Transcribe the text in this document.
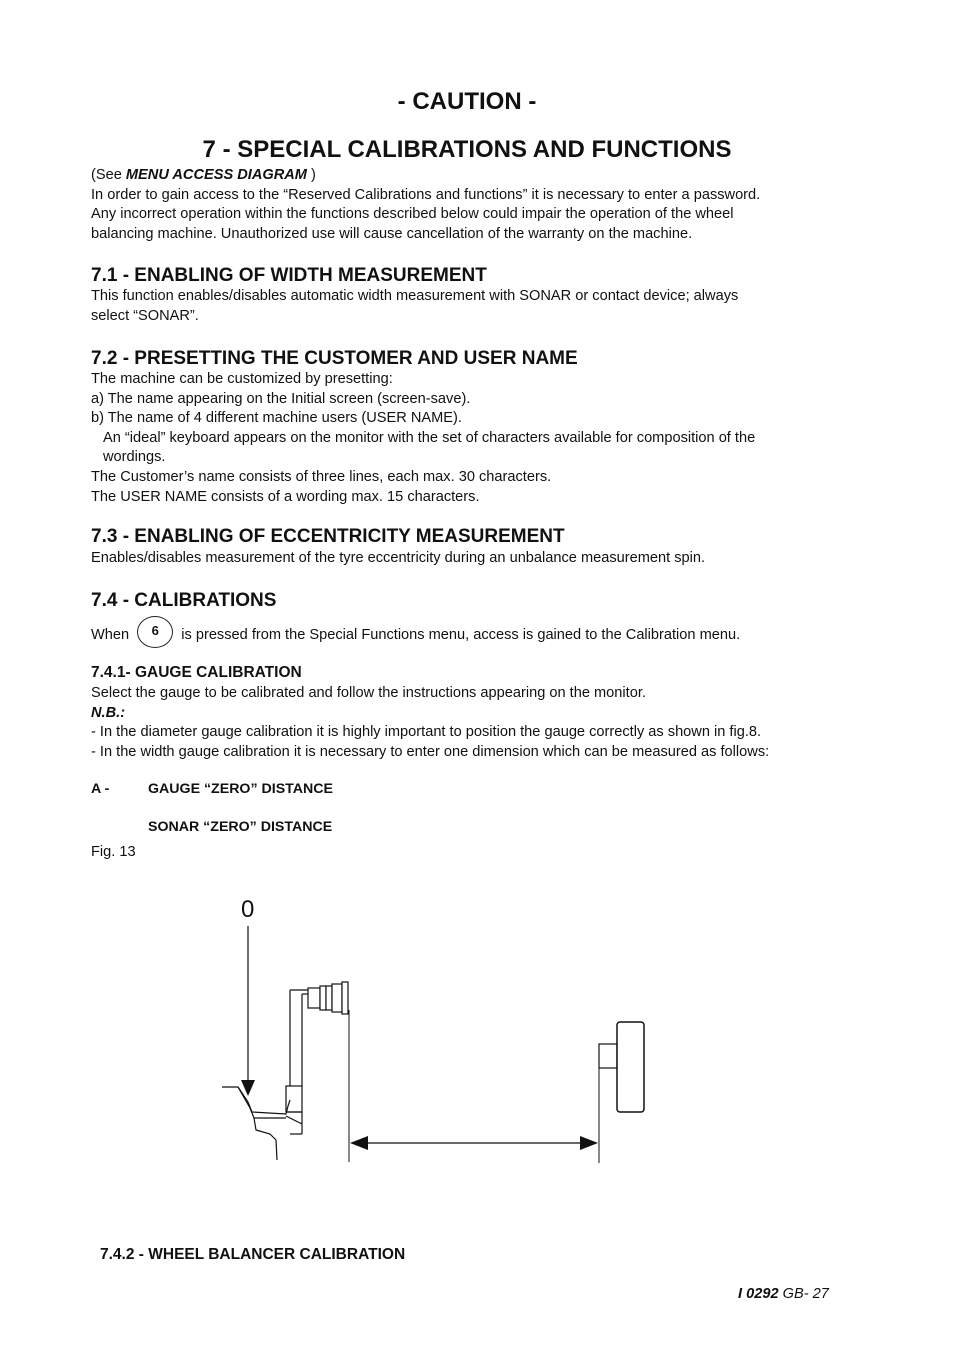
- CAUTION -
7 - SPECIAL CALIBRATIONS AND FUNCTIONS

(See MENU ACCESS DIAGRAM )

In order to gain access to the “Reserved Calibrations and functions” it is necessary to enter a password.

Any incorrect operation within the functions described below could impair the operation of the wheel

balancing machine. Unauthorized use will cause cancellation of the warranty on the machine.

7.1 - ENABLING OF WIDTH MEASUREMENT

This function enables/disables automatic width measurement with SONAR or contact device; always

select “SONAR”.

7.2 - PRESETTING THE CUSTOMER AND USER NAME

The machine can be customized by presetting:

a) The name appearing on the Initial screen (screen-save).

b) The name of 4 different machine users (USER NAME).

An “ideal” keyboard appears on the monitor with the set of characters available for composition of the

wordings.

The Customer’s name consists of three lines, each max. 30 characters.

The USER NAME consists of a wording max. 15 characters.

7.3 - ENABLING OF ECCENTRICITY MEASUREMENT
Enables/disables measurement of the tyre eccentricity during an unbalance measurement spin.
7.4 - CALIBRATIONS
When 6 is pressed from the Special Functions menu, access is gained to the Calibration menu.
7.4.1- GAUGE CALIBRATION

Select the gauge to be calibrated and follow the instructions appearing on the monitor.

N.B.:

- In the diameter gauge calibration it is highly important to position the gauge correctly as shown in fig.8.

- In the width gauge calibration it is necessary to enter one dimension which can be measured as follows:

A -	GAUGE “ZERO” DISTANCE
SONAR “ZERO” DISTANCE
Fig. 13
0
7.4.2 - WHEEL BALANCER CALIBRATION
I 0292 GB- 27
